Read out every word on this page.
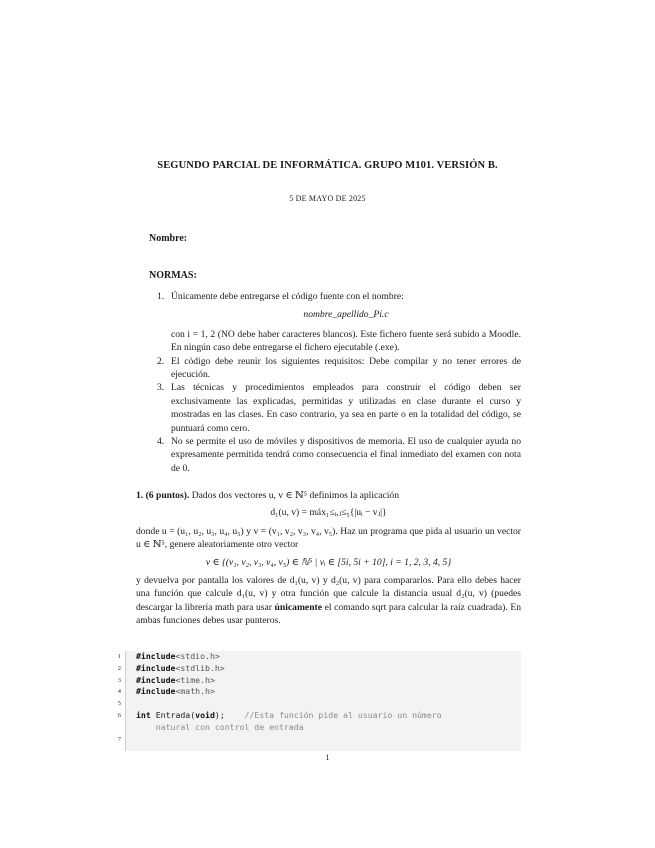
SEGUNDO PARCIAL DE INFORMÁTICA. GRUPO M101. VERSIÓN B.
5 DE MAYO DE 2025
Nombre:
NORMAS:
1. Únicamente debe entregarse el código fuente con el nombre:
nombre_apellido_Pi.c
con i = 1, 2 (NO debe haber caracteres blancos). Este fichero fuente será subido a Moodle. En ningún caso debe entregarse el fichero ejecutable (.exe).
2. El código debe reunir los siguientes requisitos: Debe compilar y no tener errores de ejecución.
3. Las técnicas y procedimientos empleados para construir el código deben ser exclusivamente las explicadas, permitidas y utilizadas en clase durante el curso y mostradas en las clases. En caso contrario, ya sea en parte o en la totalidad del código, se puntuará como cero.
4. No se permite el uso de móviles y dispositivos de memoria. El uso de cualquier ayuda no expresamente permitida tendrá como consecuencia el final inmediato del examen con nota de 0.
1. (6 puntos). Dados dos vectores u, v ∈ ℕ⁵ definimos la aplicación
d₁(u, v) = máx₁≤ᵢ,ⱼ≤₅{|uᵢ − vⱼ|}
donde u = (u₁, u₂, u₃, u₄, u₅) y v = (v₁, v₂, v₃, v₄, v₅). Haz un programa que pida al usuario un vector u ∈ ℕ⁵, genere aleatoriamente otro vector
v ∈ {(v₁, v₂, v₃, v₄, v₅) ∈ ℕ⁵ | vᵢ ∈ [5i, 5i + 10], i = 1, 2, 3, 4, 5}
y devuelva por pantalla los valores de d₁(u, v) y d₂(u, v) para compararlos. Para ello debes hacer una función que calcule d₁(u, v) y otra función que calcule la distancia usual d₂(u, v) (puedes descargar la librería math para usar únicamente el comando sqrt para calcular la raíz cuadrada). En ambas funciones debes usar punteros.
1 #include<stdio.h>
2 #include<stdlib.h>
3 #include<time.h>
4 #include<math.h>
5

6 int Entrada(void);    //Esta función pide al usuario un número
natural con control de entrada
7

1
